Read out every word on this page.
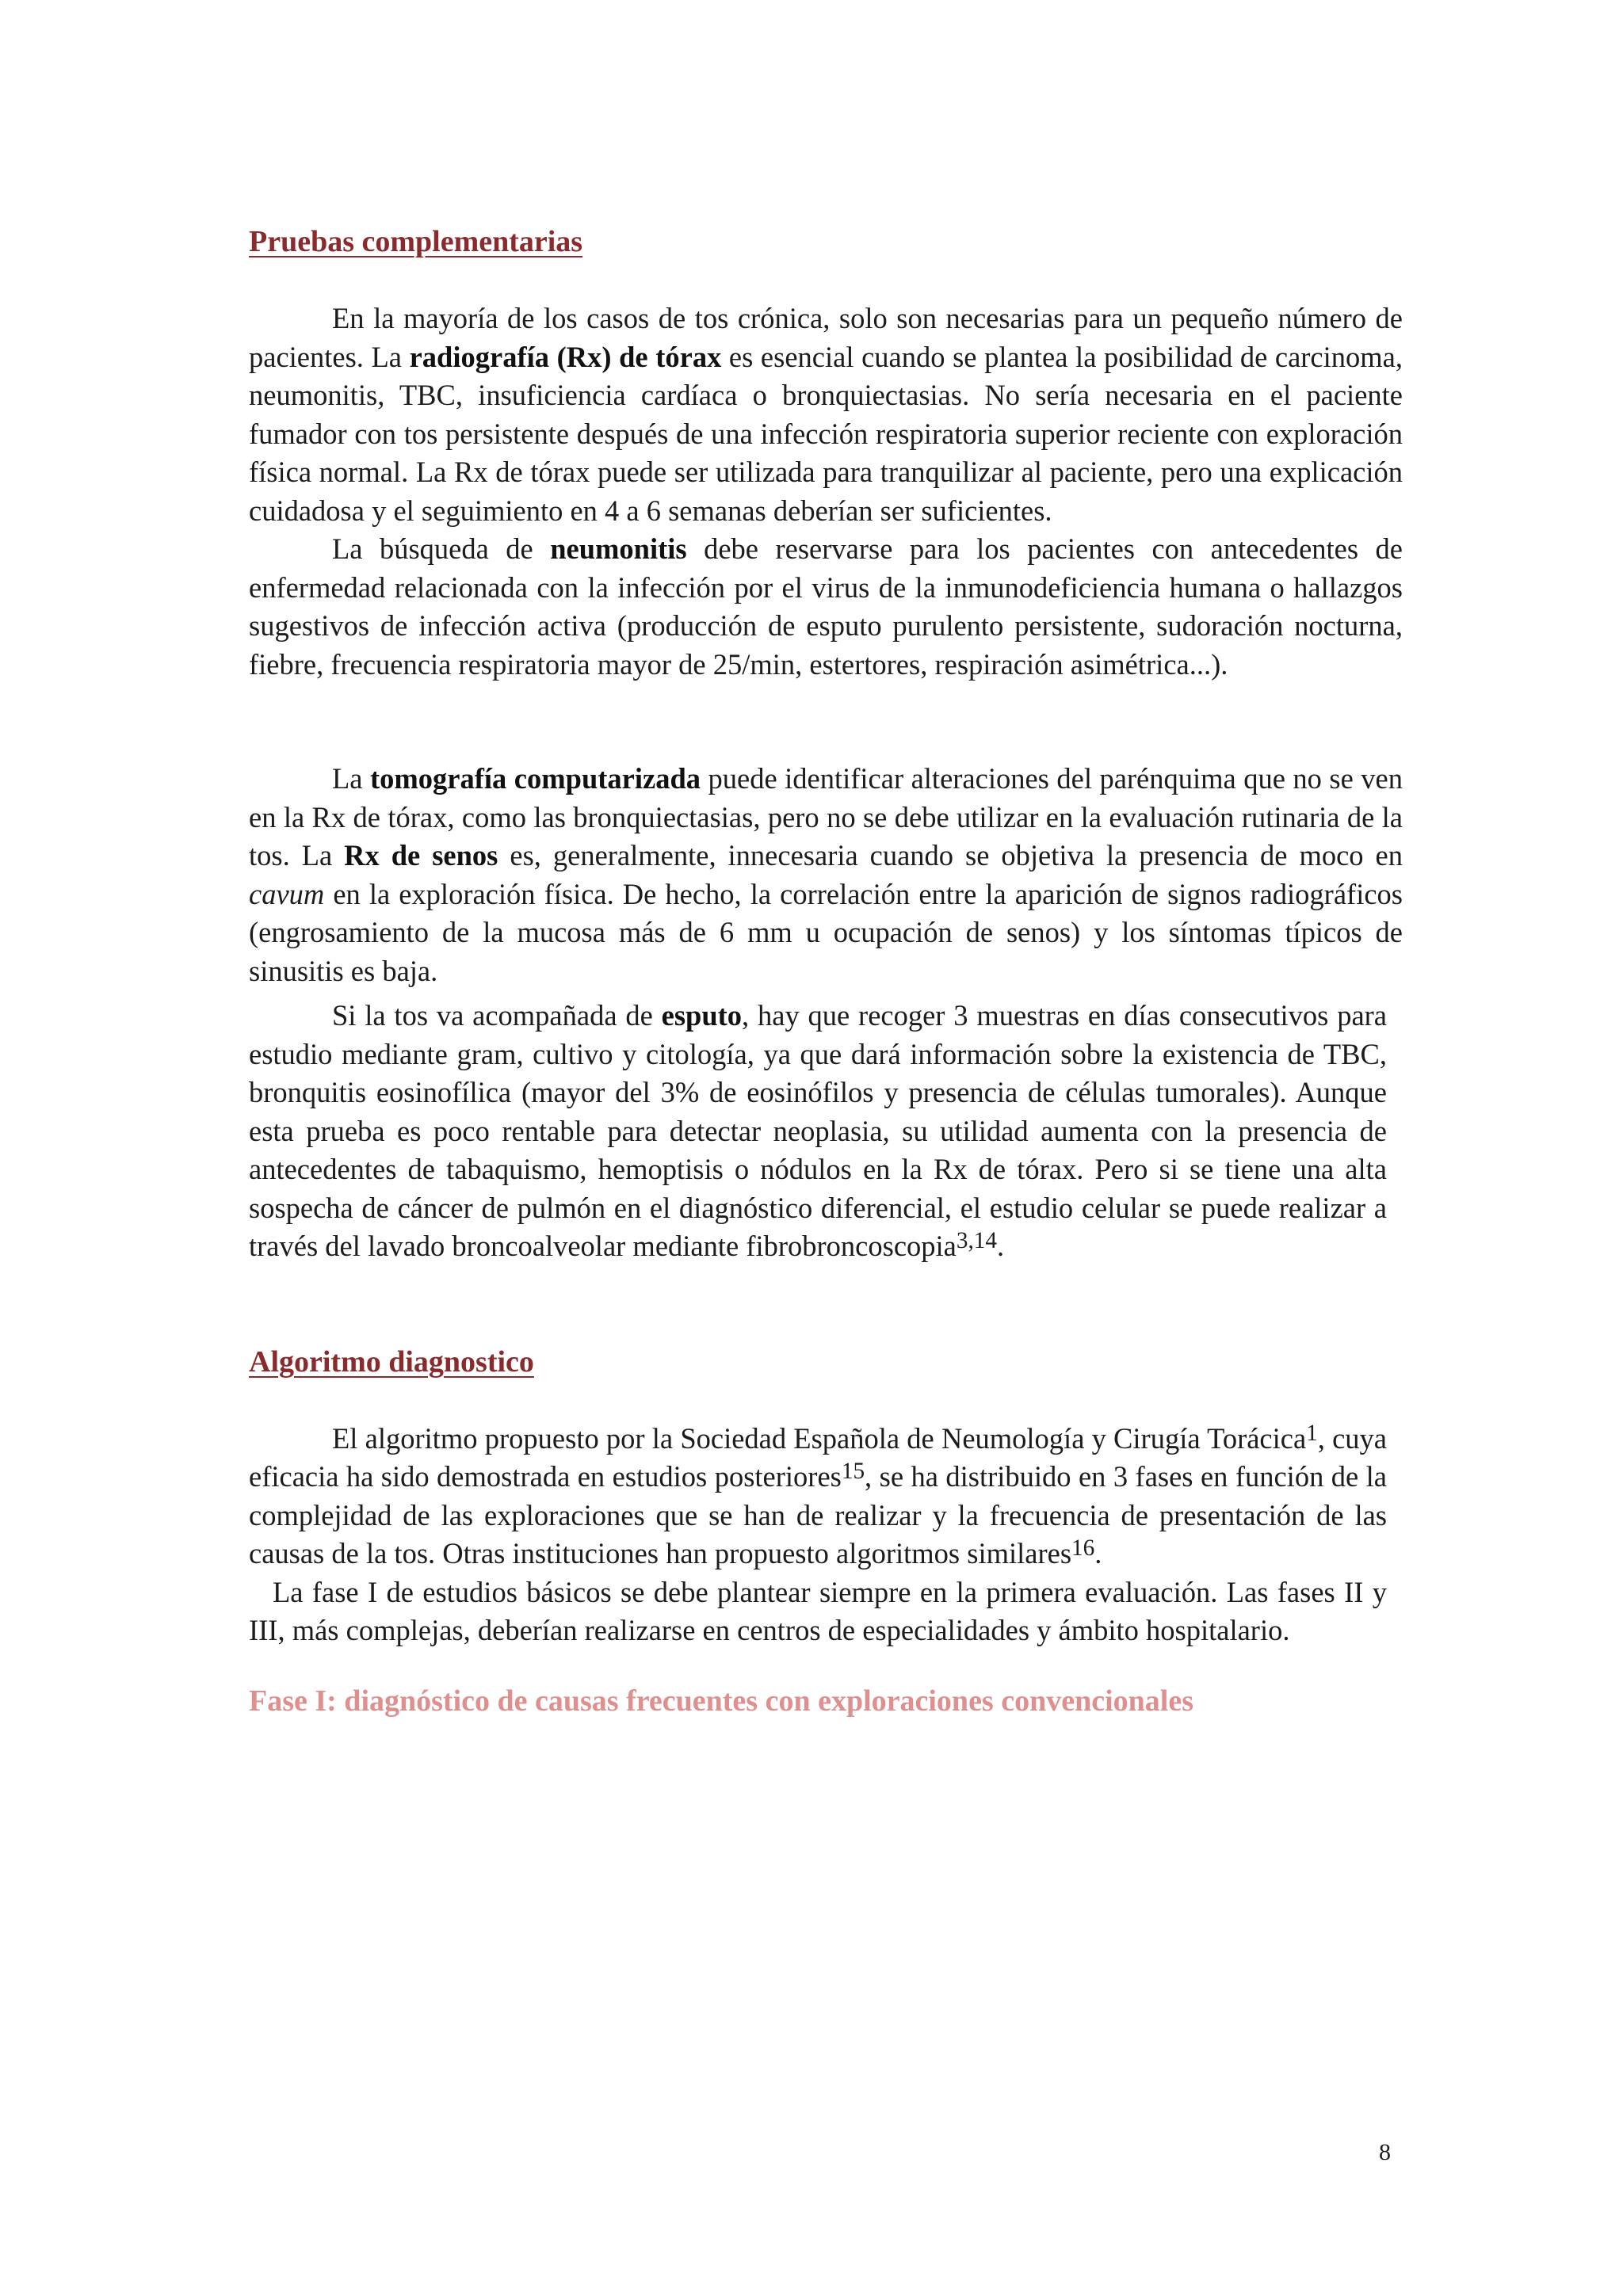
Pruebas complementarias

En la mayoría de los casos de tos crónica, solo son necesarias para un pequeño número de pacientes. La radiografía (Rx) de tórax es esencial cuando se plantea la posibilidad de carcinoma, neumonitis, TBC, insuficiencia cardíaca o bronquiectasias. No sería necesaria en el paciente fumador con tos persistente después de una infección respiratoria superior reciente con exploración física normal. La Rx de tórax puede ser utilizada para tranquilizar al paciente, pero una explicación cuidadosa y el seguimiento en 4 a 6 semanas deberían ser suficientes.

La búsqueda de neumonitis debe reservarse para los pacientes con antecedentes de enfermedad relacionada con la infección por el virus de la inmunodeficiencia humana o hallazgos sugestivos de infección activa (producción de esputo purulento persistente, sudoración nocturna, fiebre, frecuencia respiratoria mayor de 25/min, estertores, respiración asimétrica...).

La tomografía computarizada puede identificar alteraciones del parénquima que no se ven en la Rx de tórax, como las bronquiectasias, pero no se debe utilizar en la evaluación rutinaria de la tos. La Rx de senos es, generalmente, innecesaria cuando se objetiva la presencia de moco en cavum en la exploración física. De hecho, la correlación entre la aparición de signos radiográficos (engrosamiento de la mucosa más de 6 mm u ocupación de senos) y los síntomas típicos de sinusitis es baja.

Si la tos va acompañada de esputo, hay que recoger 3 muestras en días consecutivos para estudio mediante gram, cultivo y citología, ya que dará información sobre la existencia de TBC, bronquitis eosinofílica (mayor del 3% de eosinófilos y presencia de células tumorales). Aunque esta prueba es poco rentable para detectar neoplasia, su utilidad aumenta con la presencia de antecedentes de tabaquismo, hemoptisis o nódulos en la Rx de tórax. Pero si se tiene una alta sospecha de cáncer de pulmón en el diagnóstico diferencial, el estudio celular se puede realizar a través del lavado broncoalveolar mediante fibrobroncoscopia$^{3,14}$.

Algoritmo diagnostico

El algoritmo propuesto por la Sociedad Española de Neumología y Cirugía Torácica$^1$, cuya eficacia ha sido demostrada en estudios posteriores$^{15}$, se ha distribuido en 3 fases en función de la complejidad de las exploraciones que se han de realizar y la frecuencia de presentación de las causas de la tos. Otras instituciones han propuesto algoritmos similares$^{16}$.

La fase I de estudios básicos se debe plantear siempre en la primera evaluación. Las fases II y III, más complejas, deberían realizarse en centros de especialidades y ámbito hospitalario.

Fase I: diagnóstico de causas frecuentes con exploraciones convencionales
8
